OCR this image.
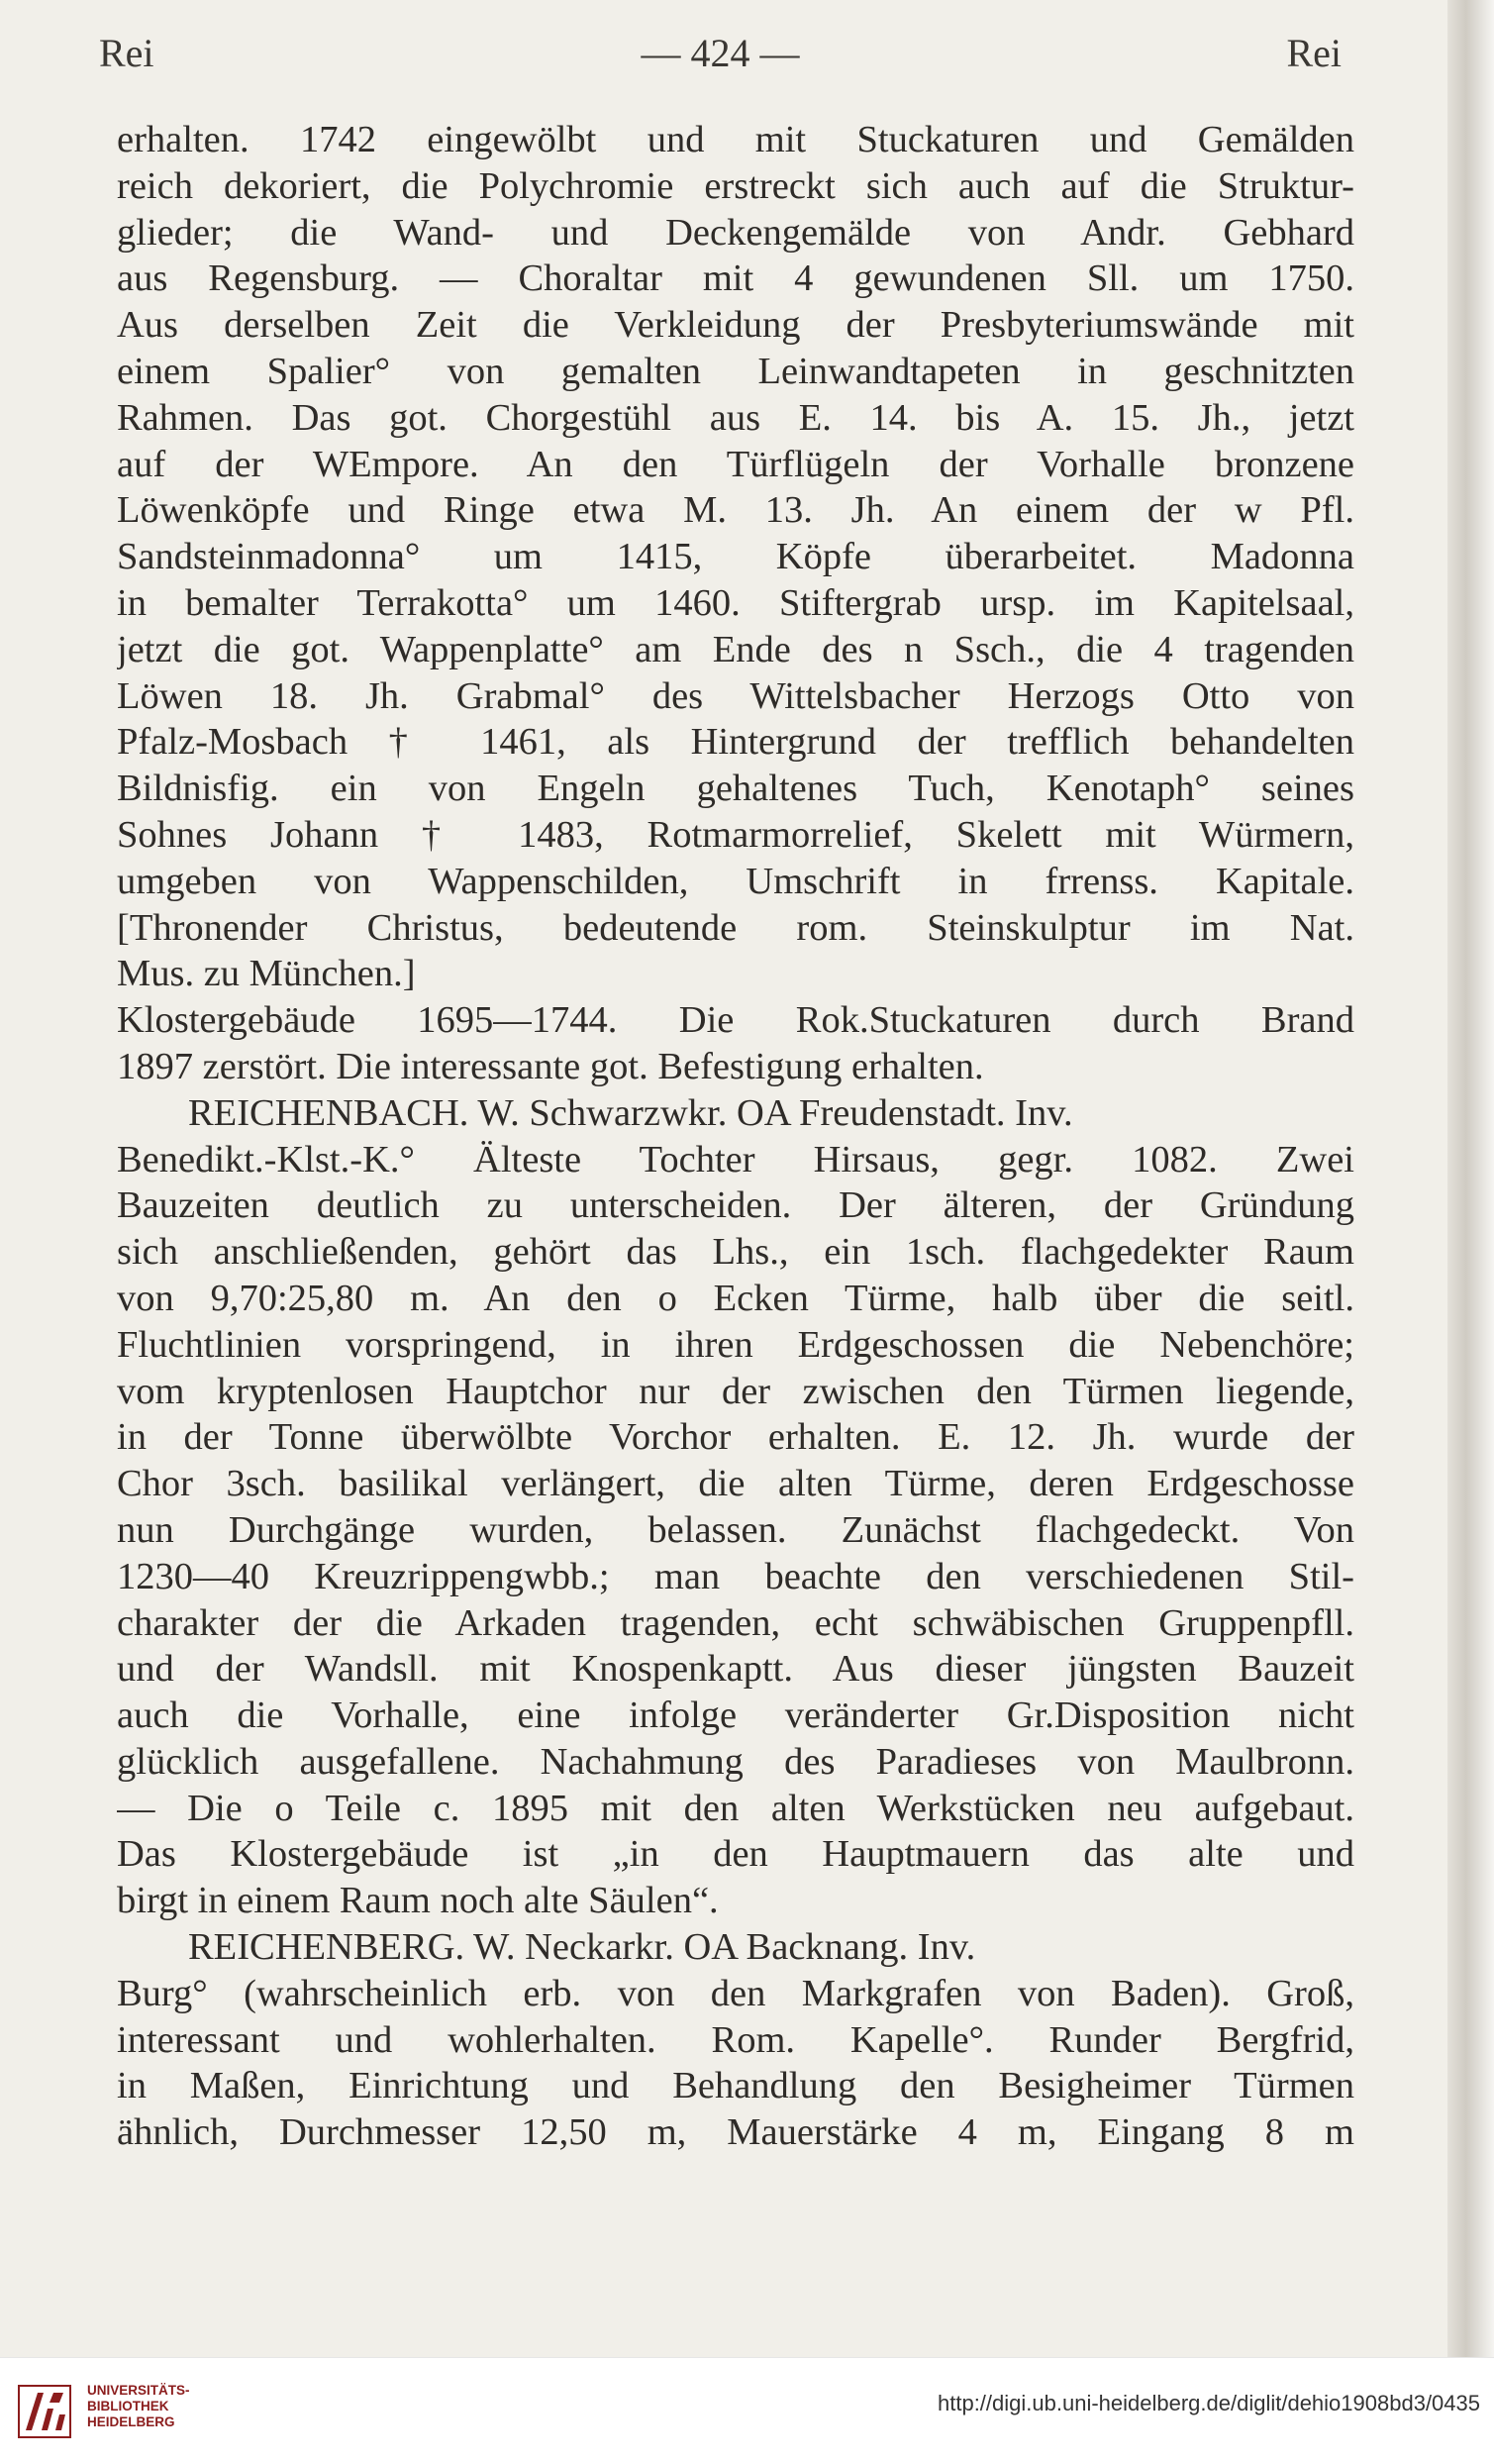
Rei	— 424 —	Rei
erhalten. 1742 eingewölbt und mit Stuckaturen und Gemälden
reich dekoriert, die Polychromie erstreckt sich auch auf die Struktur-
glieder; die Wand- und Deckengemälde von Andr. Gebhard
aus Regensburg. — Choraltar mit 4 gewundenen Sll. um 1750.
Aus derselben Zeit die Verkleidung der Presbyteriumswände mit
einem Spalier° von gemalten Leinwandtapeten in geschnitzten
Rahmen. Das got. Chorgestühl aus E. 14. bis A. 15. Jh., jetzt
auf der WEmpore. An den Türflügeln der Vorhalle bronzene
Löwenköpfe und Ringe etwa M. 13. Jh. An einem der w Pfl.
Sandsteinmadonna° um 1415, Köpfe überarbeitet. Madonna
in bemalter Terrakotta° um 1460. Stiftergrab ursp. im Kapitelsaal,
jetzt die got. Wappenplatte° am Ende des n Ssch., die 4 tragenden
Löwen 18. Jh. Grabmal° des Wittelsbacher Herzogs Otto von
Pfalz-Mosbach † 1461, als Hintergrund der trefflich behandelten
Bildnisfig. ein von Engeln gehaltenes Tuch, Kenotaph° seines
Sohnes Johann † 1483, Rotmarmorrelief, Skelett mit Würmern,
umgeben von Wappenschilden, Umschrift in frrenss. Kapitale.
[Thronender Christus, bedeutende rom. Steinskulptur im Nat.
Mus. zu München.]
Klostergebäude 1695—1744. Die Rok.Stuckaturen durch Brand
1897 zerstört. Die interessante got. Befestigung erhalten.
REICHENBACH. W. Schwarzwkr. OA Freudenstadt. Inv.
Benedikt.-Klst.-K.° Älteste Tochter Hirsaus, gegr. 1082. Zwei
Bauzeiten deutlich zu unterscheiden. Der älteren, der Gründung
sich anschließenden, gehört das Lhs., ein 1sch. flachgedekter Raum
von 9,70:25,80 m. An den o Ecken Türme, halb über die seitl.
Fluchtlinien vorspringend, in ihren Erdgeschossen die Nebenchöre;
vom kryptenlosen Hauptchor nur der zwischen den Türmen liegende,
in der Tonne überwölbte Vorchor erhalten. E. 12. Jh. wurde der
Chor 3sch. basilikal verlängert, die alten Türme, deren Erdgeschosse
nun Durchgänge wurden, belassen. Zunächst flachgedeckt. Von
1230—40 Kreuzrippengwbb.; man beachte den verschiedenen Stil-
charakter der die Arkaden tragenden, echt schwäbischen Gruppenpfll.
und der Wandsll. mit Knospenkaptt. Aus dieser jüngsten Bauzeit
auch die Vorhalle, eine infolge veränderter Gr.Disposition nicht
glücklich ausgefallene. Nachahmung des Paradieses von Maulbronn.
— Die o Teile c. 1895 mit den alten Werkstücken neu aufgebaut.
Das Klostergebäude ist „in den Hauptmauern das alte und
birgt in einem Raum noch alte Säulen“.
REICHENBERG. W. Neckarkr. OA Backnang. Inv.
Burg° (wahrscheinlich erb. von den Markgrafen von Baden). Groß,
interessant und wohlerhalten. Rom. Kapelle°. Runder Bergfrid,
in Maßen, Einrichtung und Behandlung den Besigheimer Türmen
ähnlich, Durchmesser 12,50 m, Mauerstärke 4 m, Eingang 8 m
UNIVERSITÄTS-
BIBLIOTHEK
HEIDELBERG
http://digi.ub.uni-heidelberg.de/diglit/dehio1908bd3/0435
